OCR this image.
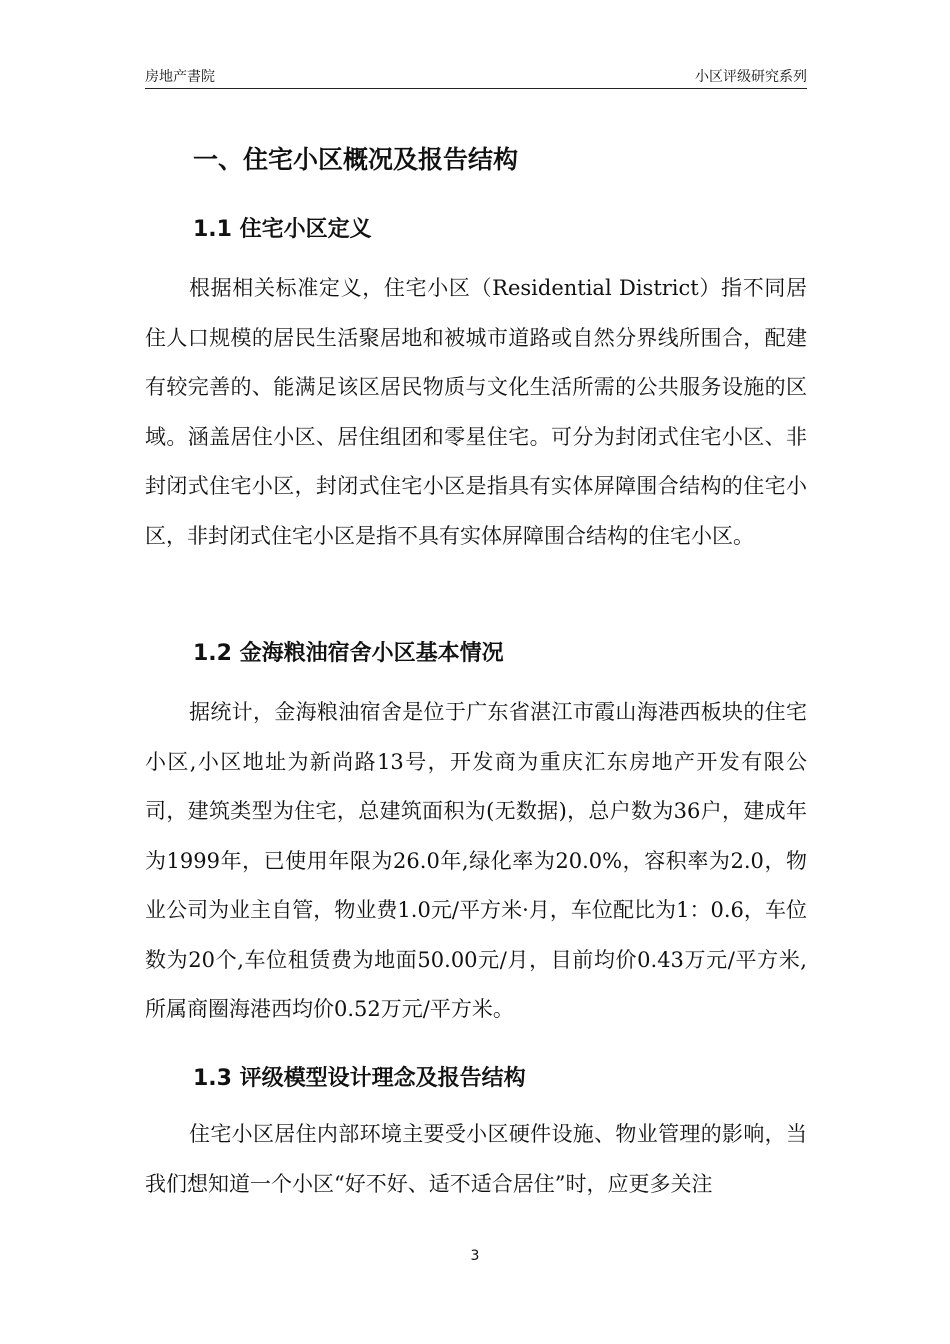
房地产書院	小区评级研究系列
一、住宅小区概况及报告结构
1.1 住宅小区定义

根据相关标准定义，住宅小区（Residential District）指不同居住人口规模的居民生活聚居地和被城市道路或自然分界线所围合，配建有较完善的、能满足该区居民物质与文化生活所需的公共服务设施的区域。涵盖居住小区、居住组团和零星住宅。可分为封闭式住宅小区、非封闭式住宅小区，封闭式住宅小区是指具有实体屏障围合结构的住宅小区，非封闭式住宅小区是指不具有实体屏障围合结构的住宅小区。

1.2 金海粮油宿舍小区基本情况

据统计，金海粮油宿舍是位于广东省湛江市霞山海港西板块的住宅小区,小区地址为新尚路13号，开发商为重庆汇东房地产开发有限公司，建筑类型为住宅，总建筑面积为(无数据)，总户数为36户，建成年为1999年，已使用年限为26.0年,绿化率为20.0%，容积率为2.0，物业公司为业主自管，物业费1.0元/平方米·月，车位配比为1：0.6，车位数为20个,车位租赁费为地面50.00元/月，目前均价0.43万元/平方米,所属商圈海港西均价0.52万元/平方米。

1.3 评级模型设计理念及报告结构

住宅小区居住内部环境主要受小区硬件设施、物业管理的影响，当我们想知道一个小区“好不好、适不适合居住”时，应更多关注

3
